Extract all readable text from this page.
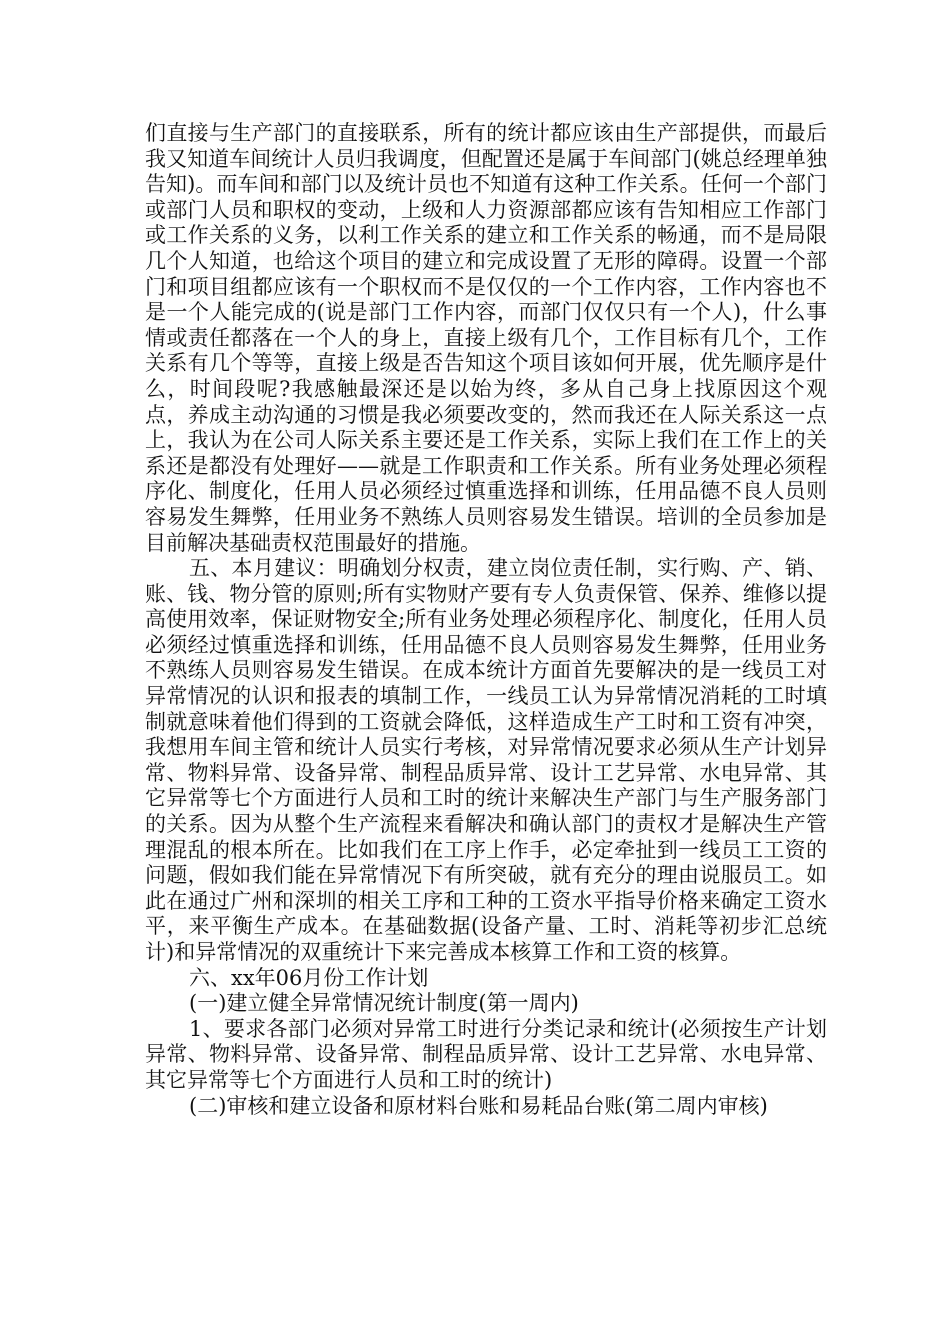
们直接与生产部门的直接联系，所有的统计都应该由生产部提供，而最后我又知道车间统计人员归我调度，但配置还是属于车间部门(姚总经理单独告知)。而车间和部门以及统计员也不知道有这种工作关系。任何一个部门或部门人员和职权的变动，上级和人力资源部都应该有告知相应工作部门或工作关系的义务，以利工作关系的建立和工作关系的畅通，而不是局限几个人知道，也给这个项目的建立和完成设置了无形的障碍。设置一个部门和项目组都应该有一个职权而不是仅仅的一个工作内容，工作内容也不是一个人能完成的(说是部门工作内容，而部门仅仅只有一个人)，什么事情或责任都落在一个人的身上，直接上级有几个，工作目标有几个，工作关系有几个等等，直接上级是否告知这个项目该如何开展，优先顺序是什么，时间段呢?我感触最深还是以始为终，多从自己身上找原因这个观点，养成主动沟通的习惯是我必须要改变的，然而我还在人际关系这一点上，我认为在公司人际关系主要还是工作关系，实际上我们在工作上的关系还是都没有处理好——就是工作职责和工作关系。所有业务处理必须程序化、制度化，任用人员必须经过慎重选择和训练，任用品德不良人员则容易发生舞弊，任用业务不熟练人员则容易发生错误。培训的全员参加是目前解决基础责权范围最好的措施。

五、本月建议：明确划分权责，建立岗位责任制，实行购、产、销、账、钱、物分管的原则;所有实物财产要有专人负责保管、保养、维修以提高使用效率，保证财物安全;所有业务处理必须程序化、制度化，任用人员必须经过慎重选择和训练，任用品德不良人员则容易发生舞弊，任用业务不熟练人员则容易发生错误。在成本统计方面首先要解决的是一线员工对异常情况的认识和报表的填制工作，一线员工认为异常情况消耗的工时填制就意味着他们得到的工资就会降低，这样造成生产工时和工资有冲突，我想用车间主管和统计人员实行考核，对异常情况要求必须从生产计划异常、物料异常、设备异常、制程品质异常、设计工艺异常、水电异常、其它异常等七个方面进行人员和工时的统计来解决生产部门与生产服务部门的关系。因为从整个生产流程来看解决和确认部门的责权才是解决生产管理混乱的根本所在。比如我们在工序上作手，必定牵扯到一线员工工资的问题，假如我们能在异常情况下有所突破，就有充分的理由说服员工。如此在通过广州和深圳的相关工序和工种的工资水平指导价格来确定工资水平，来平衡生产成本。在基础数据(设备产量、工时、消耗等初步汇总统计)和异常情况的双重统计下来完善成本核算工作和工资的核算。

六、xx年06月份工作计划

(一)建立健全异常情况统计制度(第一周内)

1、要求各部门必须对异常工时进行分类记录和统计(必须按生产计划异常、物料异常、设备异常、制程品质异常、设计工艺异常、水电异常、其它异常等七个方面进行人员和工时的统计)

(二)审核和建立设备和原材料台账和易耗品台账(第二周内审核)
